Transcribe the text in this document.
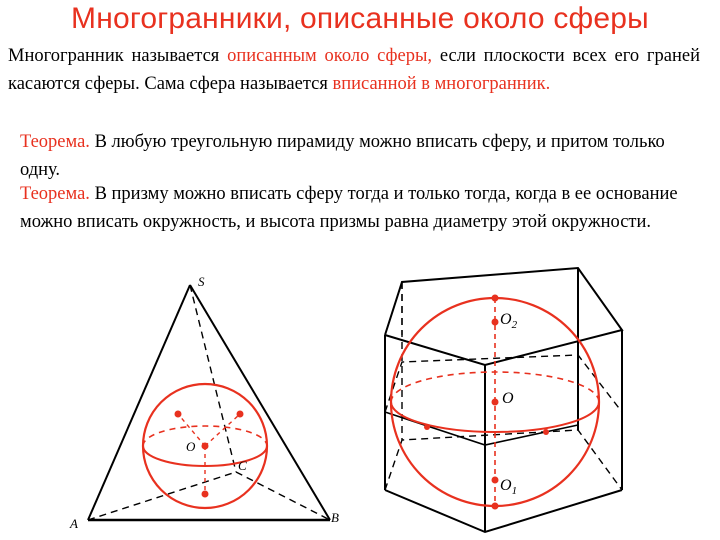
Многогранники, описанные около сферы
Многогранник называется описанным около сферы, если плоскости всех его граней касаются сферы. Сама сфера называется вписанной в многогранник.
Теорема. В любую треугольную пирамиду можно вписать сферу, и притом только одну.
Теорема. В призму можно вписать сферу тогда и только тогда, когда в ее основание можно вписать окружность, и высота призмы равна диаметру этой окружности.
S
A	B
C
O
$O_2$
O
$O_1$
